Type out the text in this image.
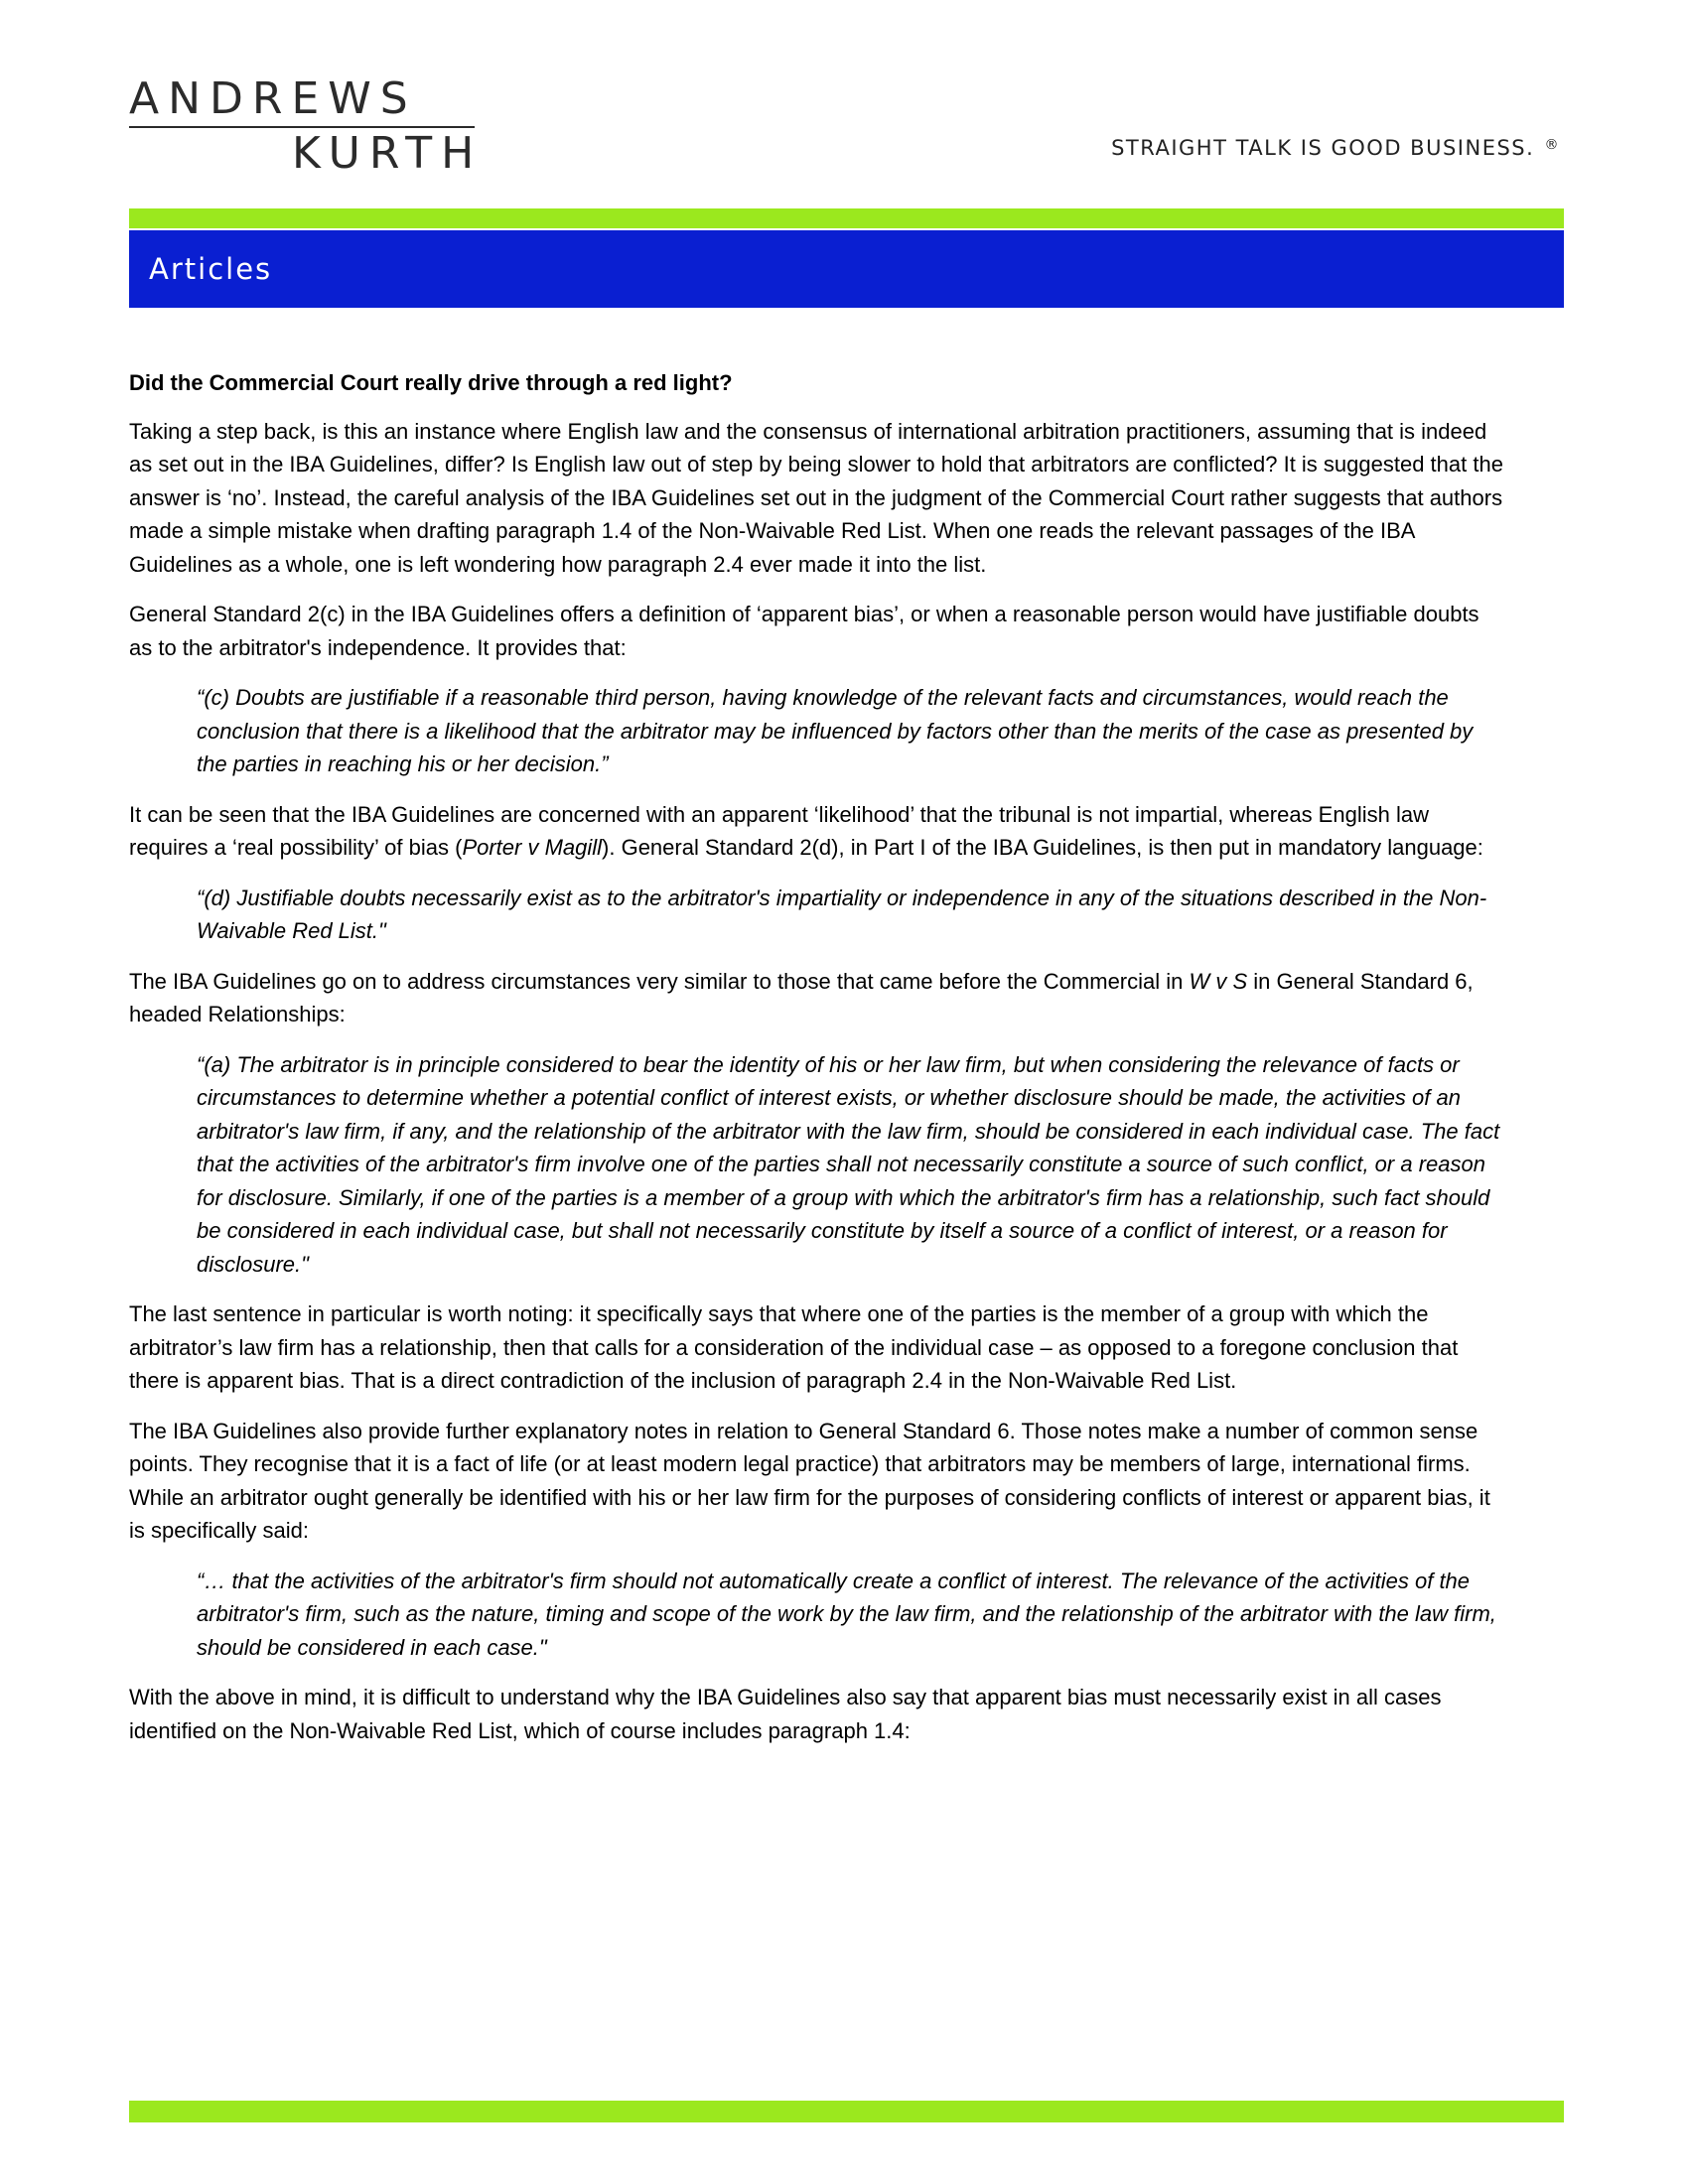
ANDREWS
KURTH	STRAIGHT TALK IS GOOD BUSINESS. ®
Articles
Did the Commercial Court really drive through a red light?

Taking a step back, is this an instance where English law and the consensus of international arbitration practitioners, assuming that is indeed as set out in the IBA Guidelines, differ? Is English law out of step by being slower to hold that arbitrators are conflicted? It is suggested that the answer is ‘no’. Instead, the careful analysis of the IBA Guidelines set out in the judgment of the Commercial Court rather suggests that authors made a simple mistake when drafting paragraph 1.4 of the Non-Waivable Red List. When one reads the relevant passages of the IBA Guidelines as a whole, one is left wondering how paragraph 2.4 ever made it into the list.

General Standard 2(c) in the IBA Guidelines offers a definition of ‘apparent bias’, or when a reasonable person would have justifiable doubts as to the arbitrator's independence. It provides that:

“(c) Doubts are justifiable if a reasonable third person, having knowledge of the relevant facts and circumstances, would reach the conclusion that there is a likelihood that the arbitrator may be influenced by factors other than the merits of the case as presented by the parties in reaching his or her decision.”

It can be seen that the IBA Guidelines are concerned with an apparent ‘likelihood’ that the tribunal is not impartial, whereas English law requires a ‘real possibility’ of bias (Porter v Magill). General Standard 2(d), in Part I of the IBA Guidelines, is then put in mandatory language:

“(d) Justifiable doubts necessarily exist as to the arbitrator's impartiality or independence in any of the situations described in the Non-Waivable Red List."

The IBA Guidelines go on to address circumstances very similar to those that came before the Commercial in W v S in General Standard 6, headed Relationships:

“(a) The arbitrator is in principle considered to bear the identity of his or her law firm, but when considering the relevance of facts or circumstances to determine whether a potential conflict of interest exists, or whether disclosure should be made, the activities of an arbitrator's law firm, if any, and the relationship of the arbitrator with the law firm, should be considered in each individual case. The fact that the activities of the arbitrator's firm involve one of the parties shall not necessarily constitute a source of such conflict, or a reason for disclosure. Similarly, if one of the parties is a member of a group with which the arbitrator's firm has a relationship, such fact should be considered in each individual case, but shall not necessarily constitute by itself a source of a conflict of interest, or a reason for disclosure."

The last sentence in particular is worth noting: it specifically says that where one of the parties is the member of a group with which the arbitrator’s law firm has a relationship, then that calls for a consideration of the individual case – as opposed to a foregone conclusion that there is apparent bias. That is a direct contradiction of the inclusion of paragraph 2.4 in the Non-Waivable Red List.

The IBA Guidelines also provide further explanatory notes in relation to General Standard 6. Those notes make a number of common sense points. They recognise that it is a fact of life (or at least modern legal practice) that arbitrators may be members of large, international firms. While an arbitrator ought generally be identified with his or her law firm for the purposes of considering conflicts of interest or apparent bias, it is specifically said:

“… that the activities of the arbitrator's firm should not automatically create a conflict of interest. The relevance of the activities of the arbitrator's firm, such as the nature, timing and scope of the work by the law firm, and the relationship of the arbitrator with the law firm, should be considered in each case."

With the above in mind, it is difficult to understand why the IBA Guidelines also say that apparent bias must necessarily exist in all cases identified on the Non-Waivable Red List, which of course includes paragraph 1.4:
